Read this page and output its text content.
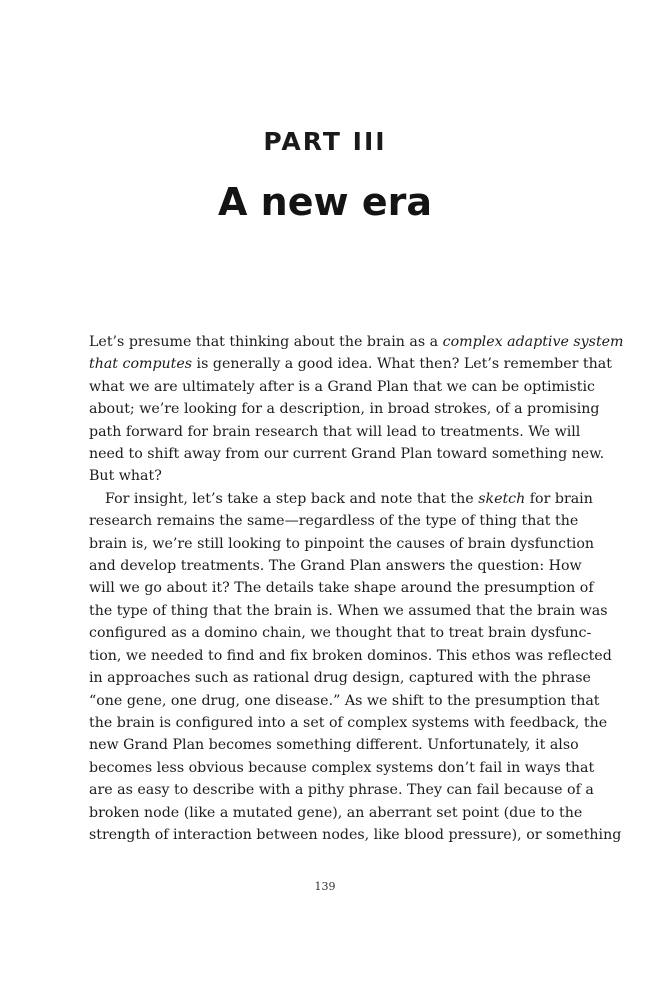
PART III
A new era
Let’s presume that thinking about the brain as a complex adaptive system
that computes is generally a good idea. What then? Let’s remember that
what we are ultimately after is a Grand Plan that we can be optimistic
about; we’re looking for a description, in broad strokes, of a promising
path forward for brain research that will lead to treatments. We will
need to shift away from our current Grand Plan toward something new.
But what?
For insight, let’s take a step back and note that the sketch for brain
research remains the same—regardless of the type of thing that the
brain is, we’re still looking to pinpoint the causes of brain dysfunction
and develop treatments. The Grand Plan answers the question: How
will we go about it? The details take shape around the presumption of
the type of thing that the brain is. When we assumed that the brain was
configured as a domino chain, we thought that to treat brain dysfunc-
tion, we needed to find and fix broken dominos. This ethos was reflected
in approaches such as rational drug design, captured with the phrase
“one gene, one drug, one disease.” As we shift to the presumption that
the brain is configured into a set of complex systems with feedback, the
new Grand Plan becomes something different. Unfortunately, it also
becomes less obvious because complex systems don’t fail in ways that
are as easy to describe with a pithy phrase. They can fail because of a
broken node (like a mutated gene), an aberrant set point (due to the
strength of interaction between nodes, like blood pressure), or something
139
